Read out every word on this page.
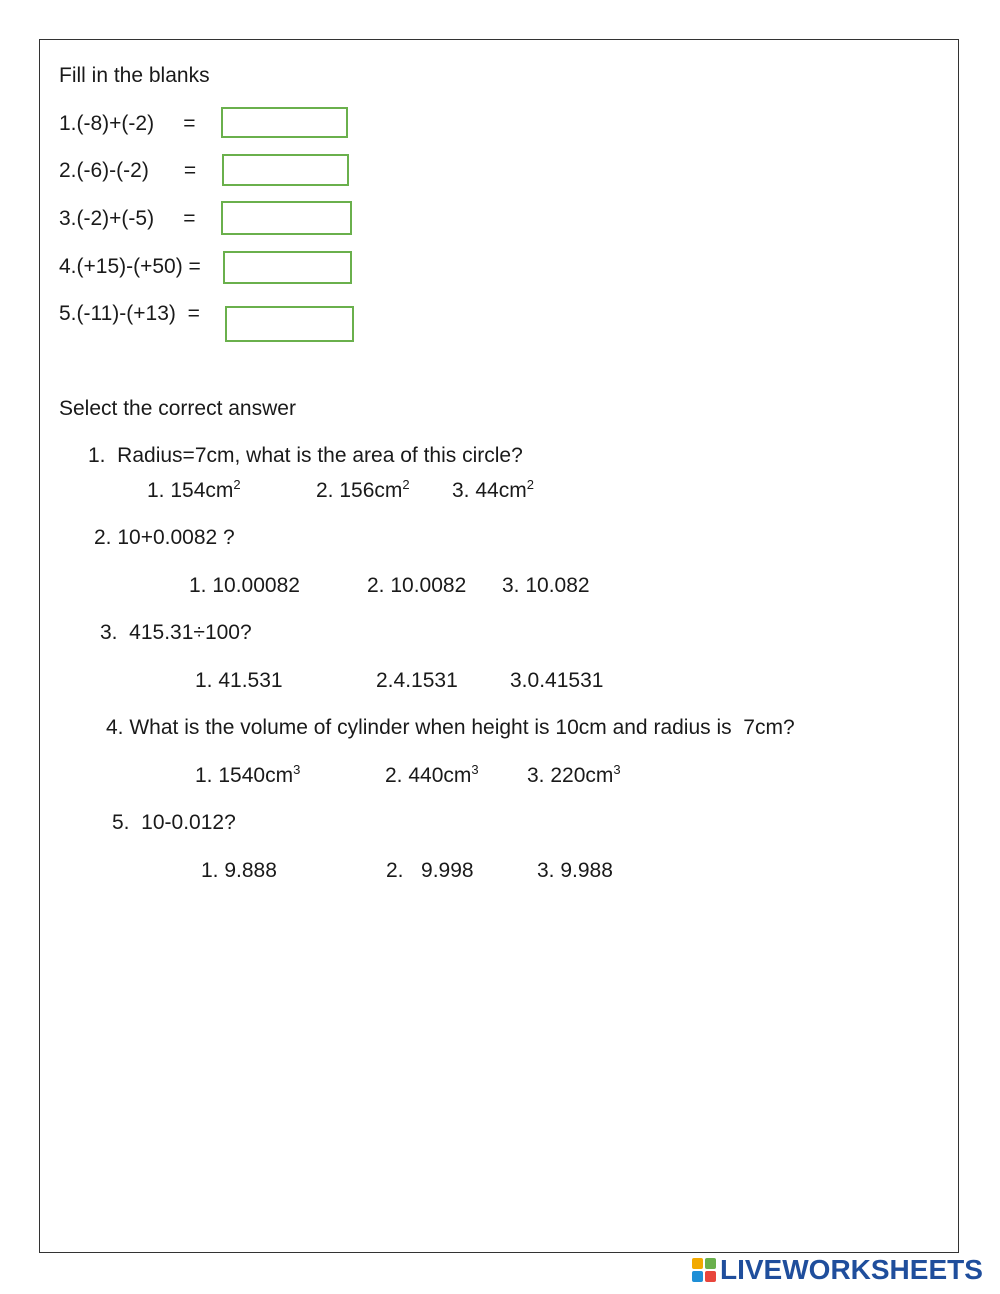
Fill in the blanks
1.(-8)+(-2)     =
2.(-6)-(-2)      =
3.(-2)+(-5)     =
4.(+15)-(+50) =
5.(-11)-(+13)  =
Select the correct answer
1.  Radius=7cm, what is the area of this circle?
1. $154cm^2$	2. $156cm^2$ 3. $44cm^2$
2. 10+0.0082 ?
1. 10.00082	2. 10.0082 3. 10.082
3.  415.31÷100?
1. 41.531	2.4.1531 3.0.41531
4. What is the volume of cylinder when height is 10cm and radius is  7cm?
1. $1540cm^3$	2. $440cm^3$ 3. $220cm^3$
5.  10-0.012?
1. 9.888	2.   9.998	3. 9.988
LIVEWORKSHEETS
